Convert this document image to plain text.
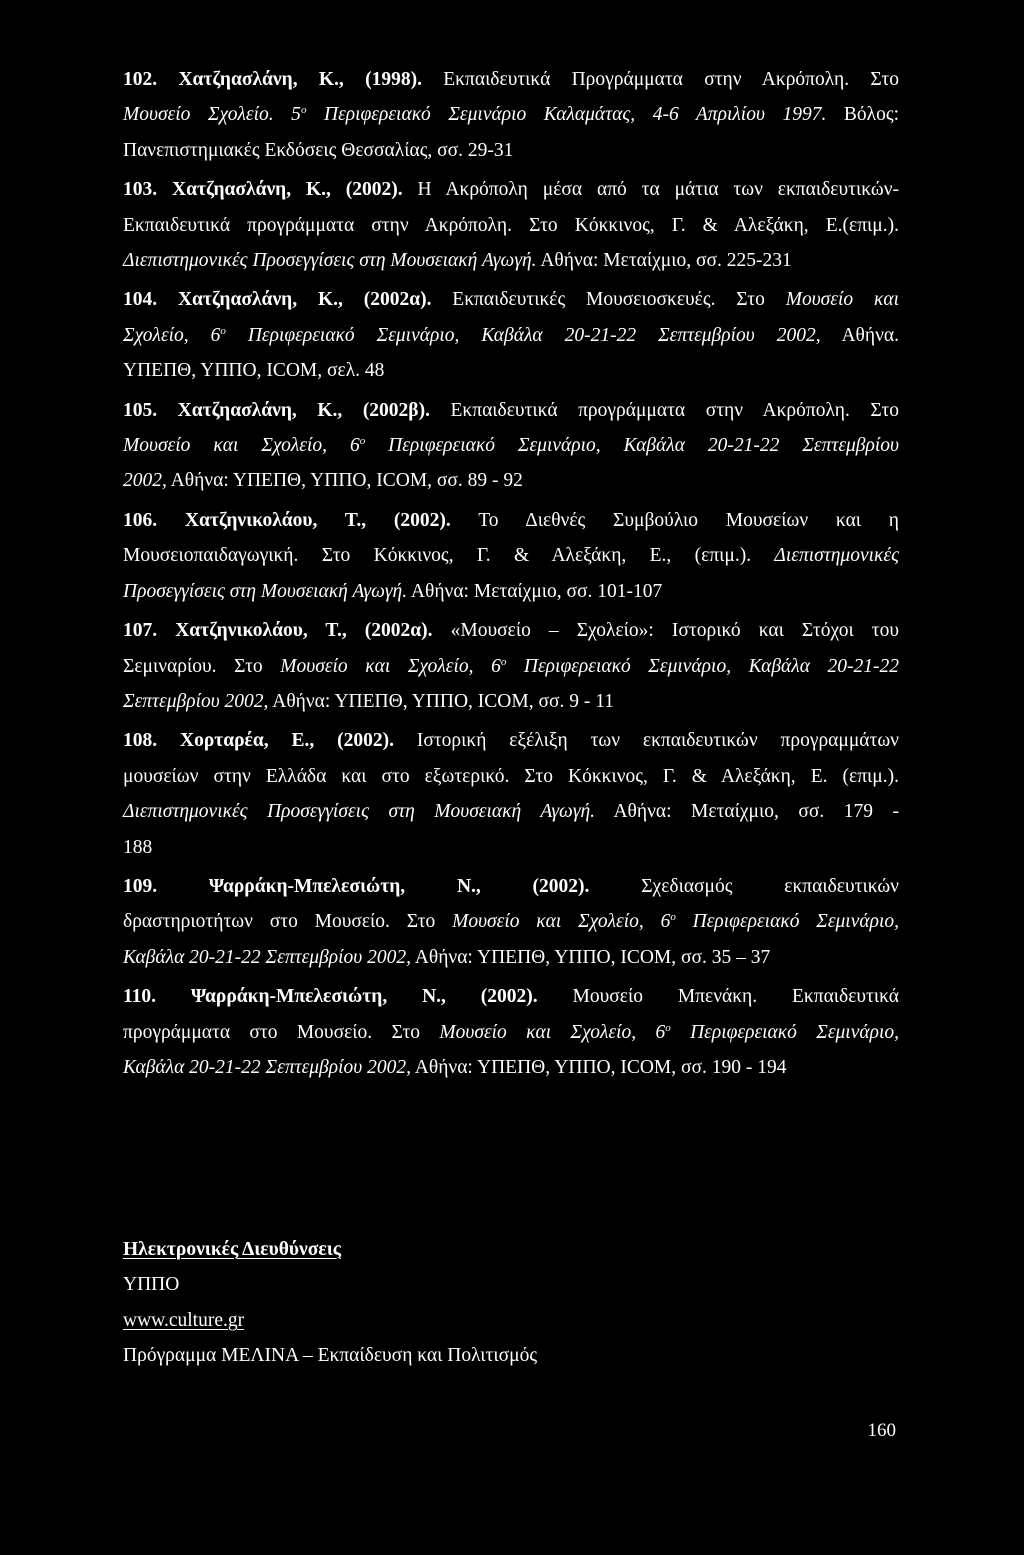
102. Χατζηασλάνη, Κ., (1998). Εκπαιδευτικά Προγράμματα στην Ακρόπολη. Στο
Μουσείο Σχολείο. $5^o$ Περιφερειακό Σεμινάριο Καλαμάτας, 4-6 Απριλίου 1997. Βόλος:
Πανεπιστημιακές Εκδόσεις Θεσσαλίας, σσ. 29-31
103. Χατζηασλάνη, Κ., (2002). Η Ακρόπολη μέσα από τα μάτια των εκπαιδευτικών-
Εκπαιδευτικά προγράμματα στην Ακρόπολη. Στο Κόκκινος, Γ. & Αλεξάκη, Ε.(επιμ.).
Διεπιστημονικές Προσεγγίσεις στη Μουσειακή Αγωγή. Αθήνα: Μεταίχμιο, σσ. 225-231
104. Χατζηασλάνη, Κ., (2002α). Εκπαιδευτικές Μουσειοσκευές. Στο Μουσείο και
Σχολείο, $6^o$ Περιφερειακό Σεμινάριο, Καβάλα 20-21-22 Σεπτεμβρίου 2002, Αθήνα.
ΥΠΕΠΘ, ΥΠΠΟ, ICOM, σελ. 48
105. Χατζηασλάνη, Κ., (2002β). Εκπαιδευτικά προγράμματα στην Ακρόπολη. Στο
Μουσείο και Σχολείο, $6^o$ Περιφερειακό Σεμινάριο, Καβάλα 20-21-22 Σεπτεμβρίου
2002, Αθήνα: ΥΠΕΠΘ, ΥΠΠΟ, ICOM, σσ. 89 - 92
106. Χατζηνικολάου, Τ., (2002). Το Διεθνές Συμβούλιο Μουσείων και η
Μουσειοπαιδαγωγική. Στο Κόκκινος, Γ. & Αλεξάκη, Ε., (επιμ.). Διεπιστημονικές
Προσεγγίσεις στη Μουσειακή Αγωγή. Αθήνα: Μεταίχμιο, σσ. 101-107
107. Χατζηνικολάου, Τ., (2002α). «Μουσείο – Σχολείο»: Ιστορικό και Στόχοι του
Σεμιναρίου. Στο Μουσείο και Σχολείο, $6^o$ Περιφερειακό Σεμινάριο, Καβάλα 20-21-22
Σεπτεμβρίου 2002, Αθήνα: ΥΠΕΠΘ, ΥΠΠΟ, ICOM, σσ. 9 - 11
108. Χορταρέα, Ε., (2002). Ιστορική εξέλιξη των εκπαιδευτικών προγραμμάτων
μουσείων στην Ελλάδα και στο εξωτερικό. Στο Κόκκινος, Γ. & Αλεξάκη, Ε. (επιμ.).
Διεπιστημονικές Προσεγγίσεις στη Μουσειακή Αγωγή. Αθήνα: Μεταίχμιο, σσ. 179 -
188
109.	Ψαρράκη-Μπελεσιώτη, Ν., (2002).	Σχεδιασμός εκπαιδευτικών
δραστηριοτήτων στο Μουσείο. Στο Μουσείο και Σχολείο, $6^o$ Περιφερειακό Σεμινάριο,
Καβάλα 20-21-22 Σεπτεμβρίου 2002, Αθήνα: ΥΠΕΠΘ, ΥΠΠΟ, ICOM, σσ. 35 – 37
110. Ψαρράκη-Μπελεσιώτη, Ν., (2002). Μουσείο Μπενάκη. Εκπαιδευτικά
προγράμματα στο Μουσείο. Στο Μουσείο και Σχολείο, $6^o$ Περιφερειακό Σεμινάριο,
Καβάλα 20-21-22 Σεπτεμβρίου 2002, Αθήνα: ΥΠΕΠΘ, ΥΠΠΟ, ICOM, σσ. 190 - 194
Ηλεκτρονικές Διευθύνσεις
ΥΠΠΟ
www.culture.gr
Πρόγραμμα ΜΕΛΙΝΑ – Εκπαίδευση και Πολιτισμός
160
